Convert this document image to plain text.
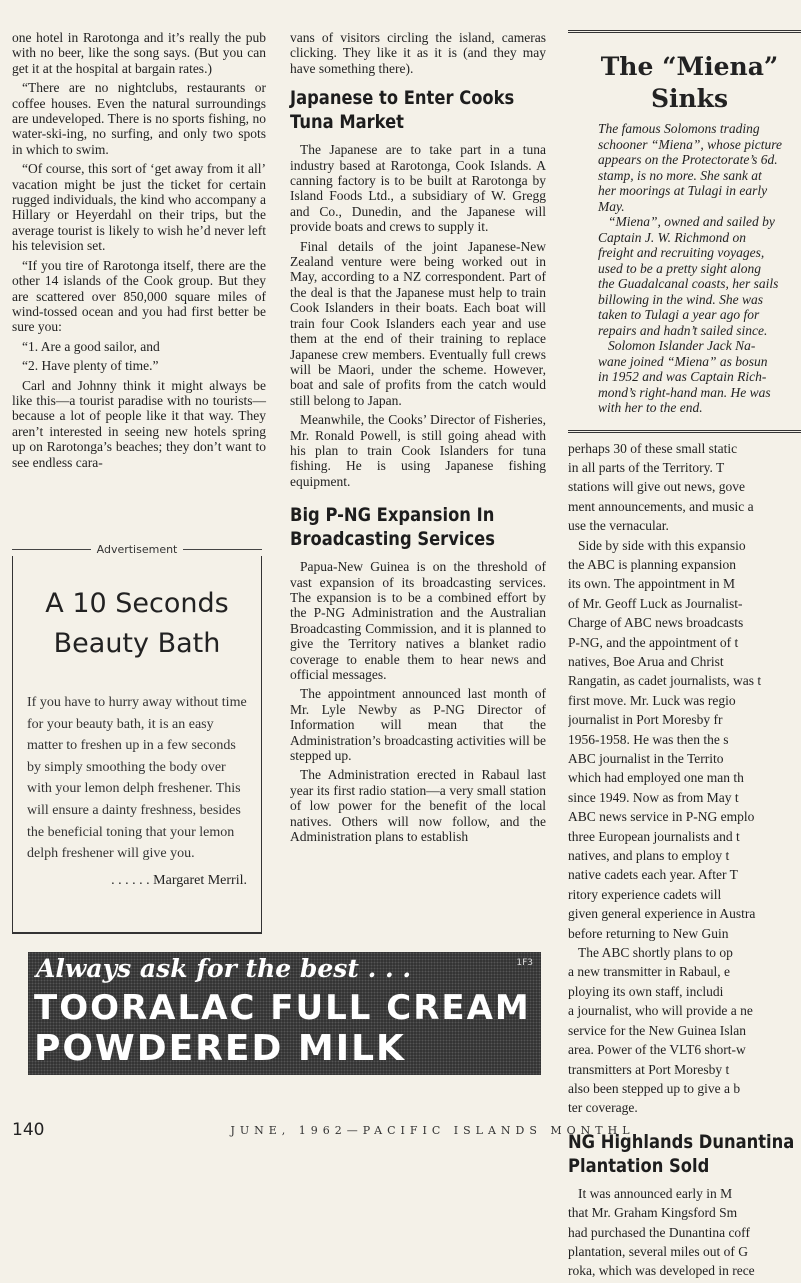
one hotel in Rarotonga and it’s really the pub with no beer, like the song says. (But you can get it at the hospital at bargain rates.)

“There are no nightclubs, restaurants or coffee houses. Even the natural surroundings are undeveloped. There is no sports fishing, no water-ski-ing, no surfing, and only two spots in which to swim.

“Of course, this sort of ‘get away from it all’ vacation might be just the ticket for certain rugged individuals, the kind who accompany a Hillary or Heyerdahl on their trips, but the average tourist is likely to wish he’d never left his television set.

“If you tire of Rarotonga itself, there are the other 14 islands of the Cook group. But they are scattered over 850,000 square miles of wind-tossed ocean and you had first better be sure you:

“1. Are a good sailor, and

“2. Have plenty of time.”

Carl and Johnny think it might always be like this—a tourist paradise with no tourists—because a lot of people like it that way. They aren’t interested in seeing new hotels spring up on Rarotonga’s beaches; they don’t want to see endless cara-

Advertisement
A 10 Seconds
Beauty Bath
If you have to hurry away without time for your beauty bath, it is an easy matter to freshen up in a few seconds by simply smoothing the body over with your lemon delph freshener. This will ensure a dainty freshness, besides the beneficial toning that your lemon delph freshener will give you.
. . . . . . Margaret Merril.

vans of visitors circling the island, cameras clicking. They like it as it is (and they may have something there).

Japanese to Enter Cooks Tuna Market

The Japanese are to take part in a tuna industry based at Rarotonga, Cook Islands. A canning factory is to be built at Rarotonga by Island Foods Ltd., a subsidiary of W. Gregg and Co., Dunedin, and the Japanese will provide boats and crews to supply it.

Final details of the joint Japanese-New Zealand venture were being worked out in May, according to a NZ correspondent. Part of the deal is that the Japanese must help to train Cook Islanders in their boats. Each boat will train four Cook Islanders each year and use them at the end of their training to replace Japanese crew members. Eventually full crews will be Maori, under the scheme. However, boat and sale of profits from the catch would still belong to Japan.

Meanwhile, the Cooks’ Director of Fisheries, Mr. Ronald Powell, is still going ahead with his plan to train Cook Islanders for tuna fishing. He is using Japanese fishing equipment.

Big P-NG Expansion In Broadcasting Services

Papua-New Guinea is on the threshold of vast expansion of its broadcasting services. The expansion is to be a combined effort by the P-NG Administration and the Australian Broadcasting Commission, and it is planned to give the Territory natives a blanket radio coverage to enable them to hear news and official messages.

The appointment announced last month of Mr. Lyle Newby as P-NG Director of Information will mean that the Administration’s broadcasting activities will be stepped up.

The Administration erected in Rabaul last year its first radio station—a very small station of low power for the benefit of the local natives. Others will now follow, and the Administration plans to establish

The “Miena”
Sinks

The famous Solomons trading

schooner “Miena”, whose picture

appears on the Protectorate’s 6d.

stamp, is no more. She sank at

her moorings at Tulagi in early

May.

“Miena”, owned and sailed by

Captain J. W. Richmond on

freight and recruiting voyages,

used to be a pretty sight along

the Guadalcanal coasts, her sails

billowing in the wind. She was

taken to Tulagi a year ago for

repairs and hadn’t sailed since.

Solomon Islander Jack Na-

wane joined “Miena” as bosun

in 1952 and was Captain Rich-

mond’s right-hand man. He was

with her to the end.

perhaps 30 of these small static

in all parts of the Territory. T

stations will give out news, gove

ment announcements, and music a

use the vernacular.

Side by side with this expansio

the ABC is planning expansion

its own. The appointment in M

of Mr. Geoff Luck as Journalist-

Charge of ABC news broadcasts

P-NG, and the appointment of t

natives, Boe Arua and Christ

Rangatin, as cadet journalists, was t

first move. Mr. Luck was regio

journalist in Port Moresby fr

1956-1958. He was then the s

ABC journalist in the Territo

which had employed one man th

since 1949. Now as from May t

ABC news service in P-NG emplo

three European journalists and t

natives, and plans to employ t

native cadets each year. After T

ritory experience cadets will

given general experience in Austra

before returning to New Guin

The ABC shortly plans to op

a new transmitter in Rabaul, e

ploying its own staff, includi

a journalist, who will provide a ne

service for the New Guinea Islan

area. Power of the VLT6 short-w

transmitters at Port Moresby t

also been stepped up to give a b

ter coverage.

NG Highlands Dunantina Plantation Sold

It was announced early in M

that Mr. Graham Kingsford Sm

had purchased the Dunantina coff

plantation, several miles out of G

roka, which was developed in rece

Always ask for the best . . .	1F3
TOORALAC FULL CREAM
POWDERED MILK
140	JUNE, 1962—PACIFIC ISLANDS MONTHL
